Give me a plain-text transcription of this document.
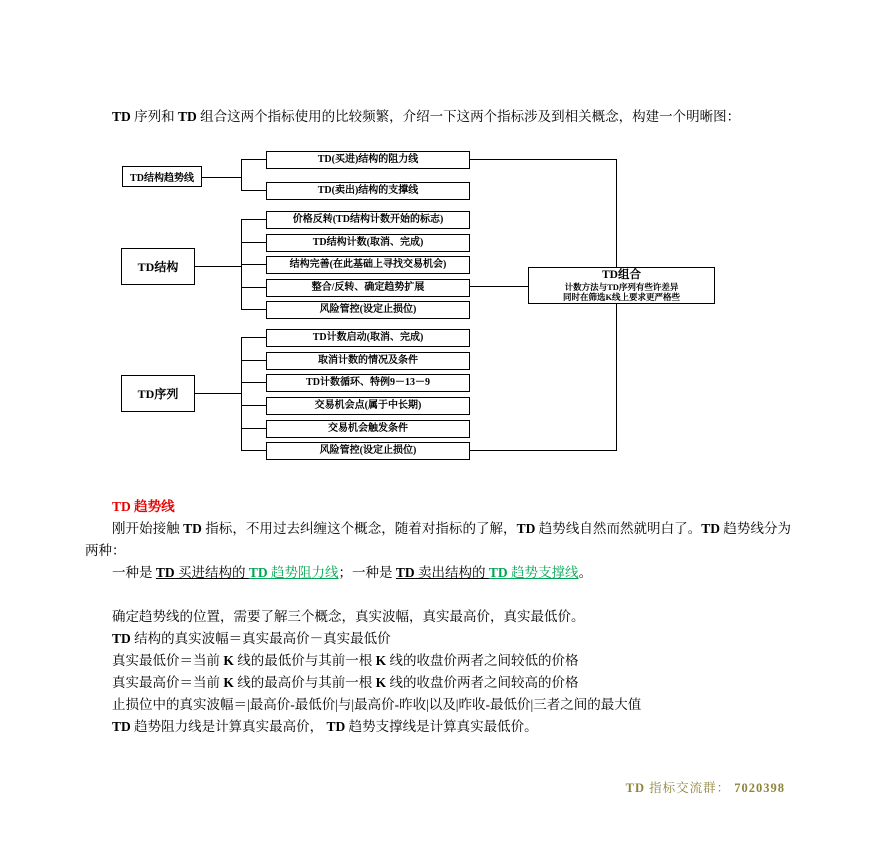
TD 序列和 TD 组合这两个指标使用的比较频繁，介绍一下这两个指标涉及到相关概念，构建一个明晰图：

TD结构趋势线
TD结构
TD序列
TD(买进)结构的阻力线
TD(卖出)结构的支撑线
价格反转(TD结构计数开始的标志)
TD结构计数(取消、完成)
结构完善(在此基础上寻找交易机会)
整合/反转、确定趋势扩展
风险管控(设定止损位)
TD计数启动(取消、完成)
取消计数的情况及条件
TD计数循环、特例9－13－9
交易机会点(属于中长期)
交易机会触发条件
风险管控(设定止损位)
TD组合
计数方法与TD序列有些许差异
同时在筛选K线上要求更严格些

TD 趋势线

刚开始接触 TD 指标，不用过去纠缠这个概念，随着对指标的了解，TD 趋势线自然而然就明白了。TD 趋势线分为两种：

一种是 TD 买进结构的 TD 趋势阻力线；一种是 TD 卖出结构的 TD 趋势支撑线。

确定趋势线的位置，需要了解三个概念，真实波幅，真实最高价，真实最低价。

TD 结构的真实波幅＝真实最高价－真实最低价

真实最低价＝当前 K 线的最低价与其前一根 K 线的收盘价两者之间较低的价格

真实最高价＝当前 K 线的最高价与其前一根 K 线的收盘价两者之间较高的价格

止损位中的真实波幅＝|最高价-最低价|与|最高价-昨收|以及|昨收-最低价|三者之间的最大值

TD 趋势阻力线是计算真实最高价， TD 趋势支撑线是计算真实最低价。

TD 指标交流群： 7020398
